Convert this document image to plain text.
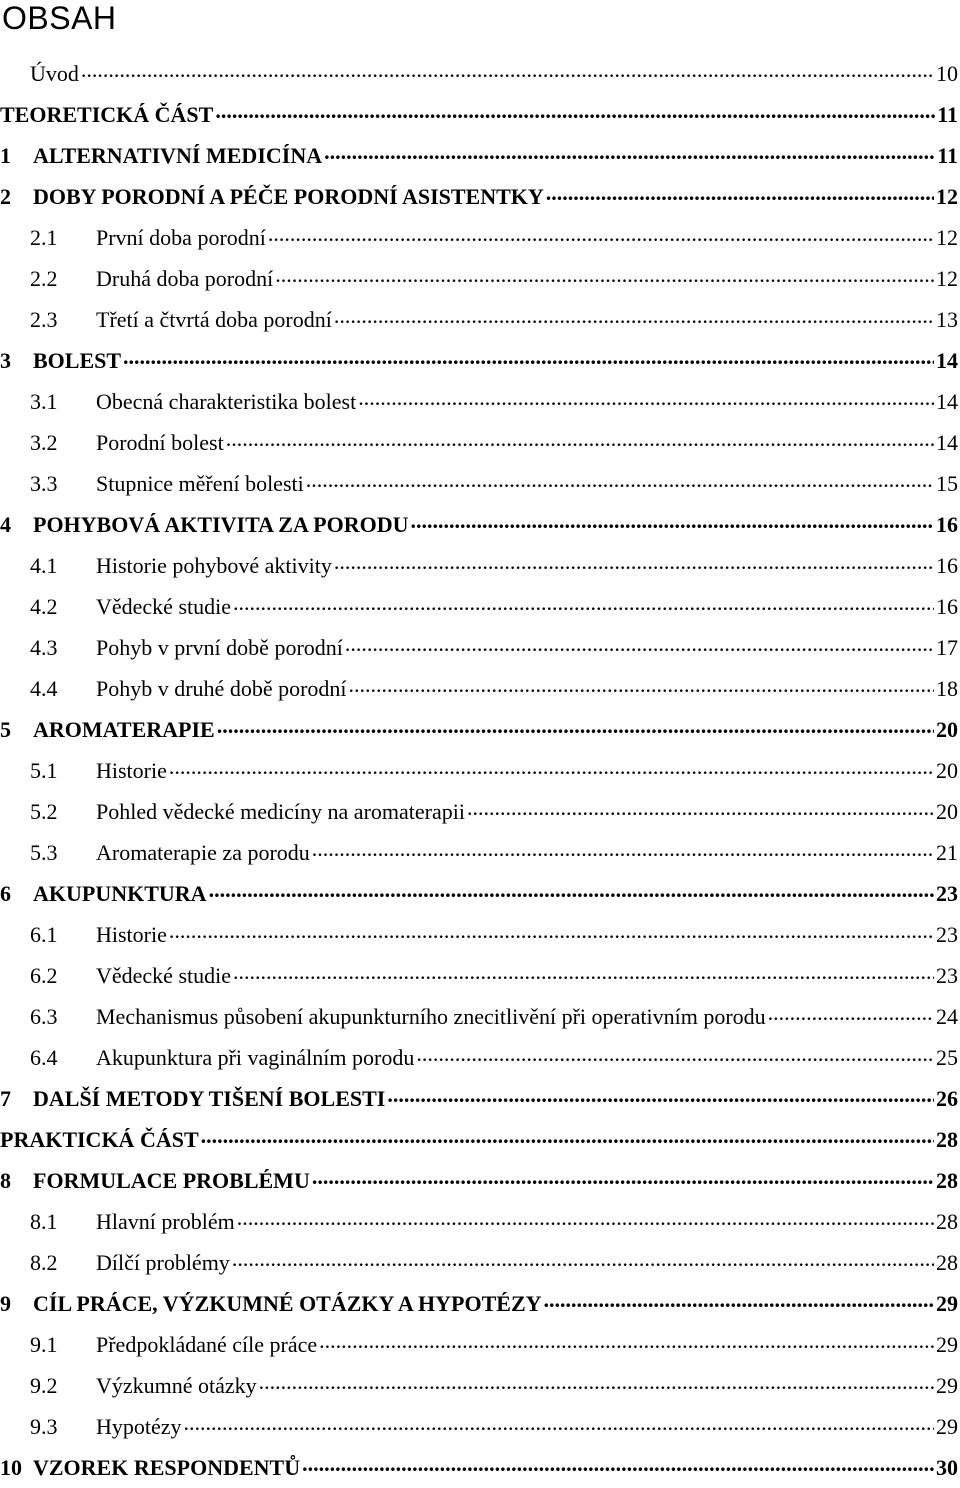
OBSAH
Úvod .....	10
TEORETICKÁ ČÁST .....	11
1	ALTERNATIVNÍ MEDICÍNA .....	11
2	DOBY PORODNÍ A PÉČE PORODNÍ ASISTENTKY .....	12
2.1	První doba porodní .....	12
2.2	Druhá doba porodní .....	12
2.3	Třetí a čtvrtá doba porodní .....	13
3	BOLEST .....	14
3.1	Obecná charakteristika bolest .....	14
3.2	Porodní bolest .....	14
3.3	Stupnice měření bolesti .....	15
4	POHYBOVÁ AKTIVITA ZA PORODU .....	16
4.1	Historie pohybové aktivity .....	16
4.2	Vědecké studie .....	16
4.3	Pohyb v první době porodní .....	17
4.4	Pohyb v druhé době porodní .....	18
5	AROMATERAPIE .....	20
5.1	Historie .....	20
5.2	Pohled vědecké medicíny na aromaterapii .....	20
5.3	Aromaterapie za porodu .....	21
6	AKUPUNKTURA .....	23
6.1	Historie .....	23
6.2	Vědecké studie .....	23
6.3	Mechanismus působení akupunkturního znecitlivění při operativním porodu .....	24
6.4	Akupunktura při vaginálním porodu .....	25
7	DALŠÍ METODY TIŠENÍ BOLESTI .....	26
PRAKTICKÁ ČÁST .....	28
8	FORMULACE PROBLÉMU .....	28
8.1	Hlavní problém .....	28
8.2	Dílčí problémy .....	28
9	CÍL PRÁCE, VÝZKUMNÉ OTÁZKY A HYPOTÉZY .....	29
9.1	Předpokládané cíle práce .....	29
9.2	Výzkumné otázky .....	29
9.3	Hypotézy .....	29
10 VZOREK RESPONDENTŮ .....	30
